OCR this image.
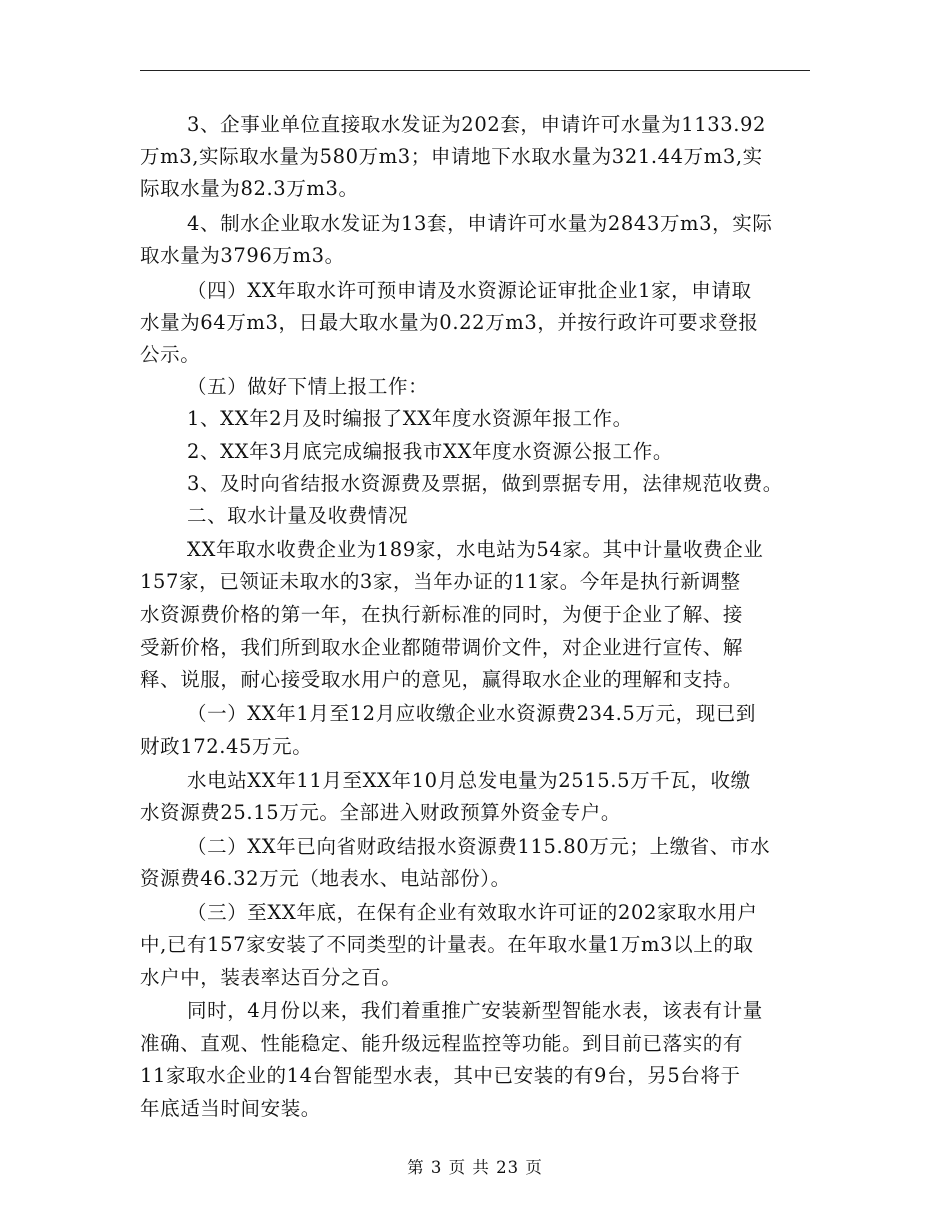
3、企事业单位直接取水发证为202套，申请许可水量为1133.92
万m3,实际取水量为580万m3；申请地下水取水量为321.44万m3,实
际取水量为82.3万m3。
4、制水企业取水发证为13套，申请许可水量为2843万m3，实际
取水量为3796万m3。
（四）XX年取水许可预申请及水资源论证审批企业1家，申请取
水量为64万m3，日最大取水量为0.22万m3，并按行政许可要求登报
公示。
（五）做好下情上报工作：
1、XX年2月及时编报了XX年度水资源年报工作。
2、XX年3月底完成编报我市XX年度水资源公报工作。
3、及时向省结报水资源费及票据，做到票据专用，法律规范收费。
二、取水计量及收费情况
XX年取水收费企业为189家，水电站为54家。其中计量收费企业
157家，已领证未取水的3家，当年办证的11家。今年是执行新调整
水资源费价格的第一年，在执行新标准的同时，为便于企业了解、接
受新价格，我们所到取水企业都随带调价文件，对企业进行宣传、解
释、说服，耐心接受取水用户的意见，赢得取水企业的理解和支持。
（一）XX年1月至12月应收缴企业水资源费234.5万元，现已到
财政172.45万元。
水电站XX年11月至XX年10月总发电量为2515.5万千瓦，收缴
水资源费25.15万元。全部进入财政预算外资金专户。
（二）XX年已向省财政结报水资源费115.80万元；上缴省、市水
资源费46.32万元（地表水、电站部份）。
（三）至XX年底，在保有企业有效取水许可证的202家取水用户
中,已有157家安装了不同类型的计量表。在年取水量1万m3以上的取
水户中，装表率达百分之百。
同时，4月份以来，我们着重推广安装新型智能水表，该表有计量
准确、直观、性能稳定、能升级远程监控等功能。到目前已落实的有
11家取水企业的14台智能型水表，其中已安装的有9台，另5台将于
年底适当时间安装。
第 3 页 共 23 页
